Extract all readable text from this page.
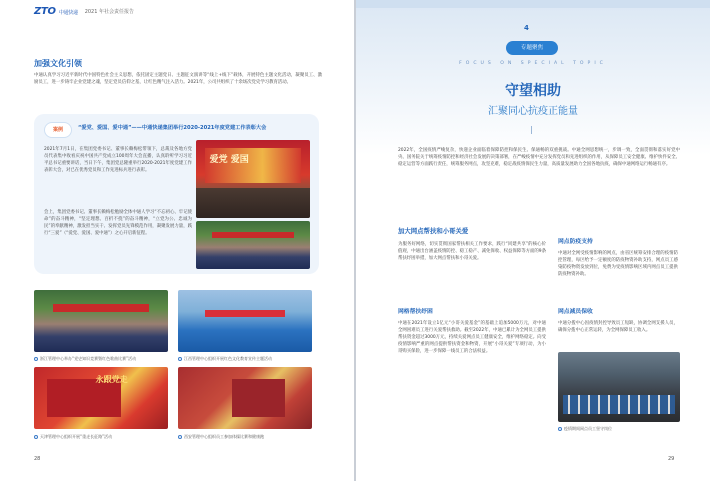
ZTO 中通快递 2021 年社会责任报告
加强文化引领
中通认真学习习近平新时代中国特色社会主义思想，依托固定主题党日、主题征文演讲等“线上+线下”载体，开展特色主题文化活动，凝聚员工、激励员工，进一步铸牢企业党建之魂，坚定党员信仰之基，让红色精气注入活力。2021年，公司共组织了十余场次党史学习教育活动。
案例	“爱党、爱国、爱中通”——中通快递集团举行2020-2021年度党建工作表彰大会
2021年7月1日，在集团党委书记、董事长赖梅松带领下，总裁及各地方党员代表集中收看庆祝中国共产党成立100周年大会直播，认真聆听学习习近平总书记重要讲话，当日下午，集团党总隆重举行2020-2021年度党建工作表彰大会，对已在优秀党员和工作先进标兵进行表彰。
会上，集团党委书记、董事长赖梅松勉励全体中通人学习“不忘初心、牢记使命”的奋斗精神，“坚定理想、百折不挠”的奋斗精神，“立党为公、忠诚为民”的奉献精神，激发担当实干、发挥党员先锋模范作用，凝聚发展力量，践行“三爱”（“爱党、爱国、爱中通”）之心开启新征程。
爱党 爱国
浙江管理中心举办“党史知识竞赛暨红色歌曲比赛”活动	江西管理中心组织开展红色文化教育宣传主题活动
永跟党走
天津管理中心组织开展“重走长征路”活动	西安管理中心组织员工参加体操比赛和健康跑
28
4
专题聚焦
FOCUS ON SPECIAL TOPIC
守望相助
汇聚同心抗疫正能量
2022年，全国疫情严峻复杂，快递企业面临着保障防控和保民生、保通畅的双重挑战。中通全网思想统一，步调一致，全面贯彻和落实好党中央、国务院关于统筹疫情防控和经济社会发展的决策部署，在严峻疫情中充分发挥党员和先进组织的作用，从保障员工安全健康、维护快件安全、稳定运营等方面践行责任，统筹服务网点，攻坚克难，稳定战疫情保民生力量，高质量发展助力全国各地抗疫，确保中通网络运行畅通有序。
加大网点帮扶和小哥关爱
为服务好网络，切实贯彻国家帮扶相关工作要求，践行“同建共享”的核心价值观，中通出台涵盖疫情防控、稳工稳产、减免保收、权益保障等方面的9条帮扶纾困举措，加大网点帮扶和小哥关爱。
网点防疫支持
中通对全网受疫情影响的网点，由省区统筹安排合理的疫情防控管理，每区给予一定额度的防疫物资补助支持，网点员工感染防疫物资发放到位，免费为受疫情影响区域内网点员工提供防疫物资补助。
网格帮扶纾困
中通在2021年设立1亿元“小哥关爱基金”的基础上追加5000万元，对中通全网困难员工进行关爱帮扶救助。截至2022年，中通已累计为全网员工提供帮扶资金超过3000万元，持续关爱网点员工健康安全，维护网络稳定。向受疫情影响严重的网点提供帮扶资金和物资，开展“小哥关爱”专项行动，为小哥购买保险，进一步保障一线员工的合法权益。
网点减员保收
中通分拨中心因疫情封控导致员工短缺，协调全网支援人员，确保分拨中心正常运转，为全网保障员工收入。
疫情期间网点员工坚守岗位
29
